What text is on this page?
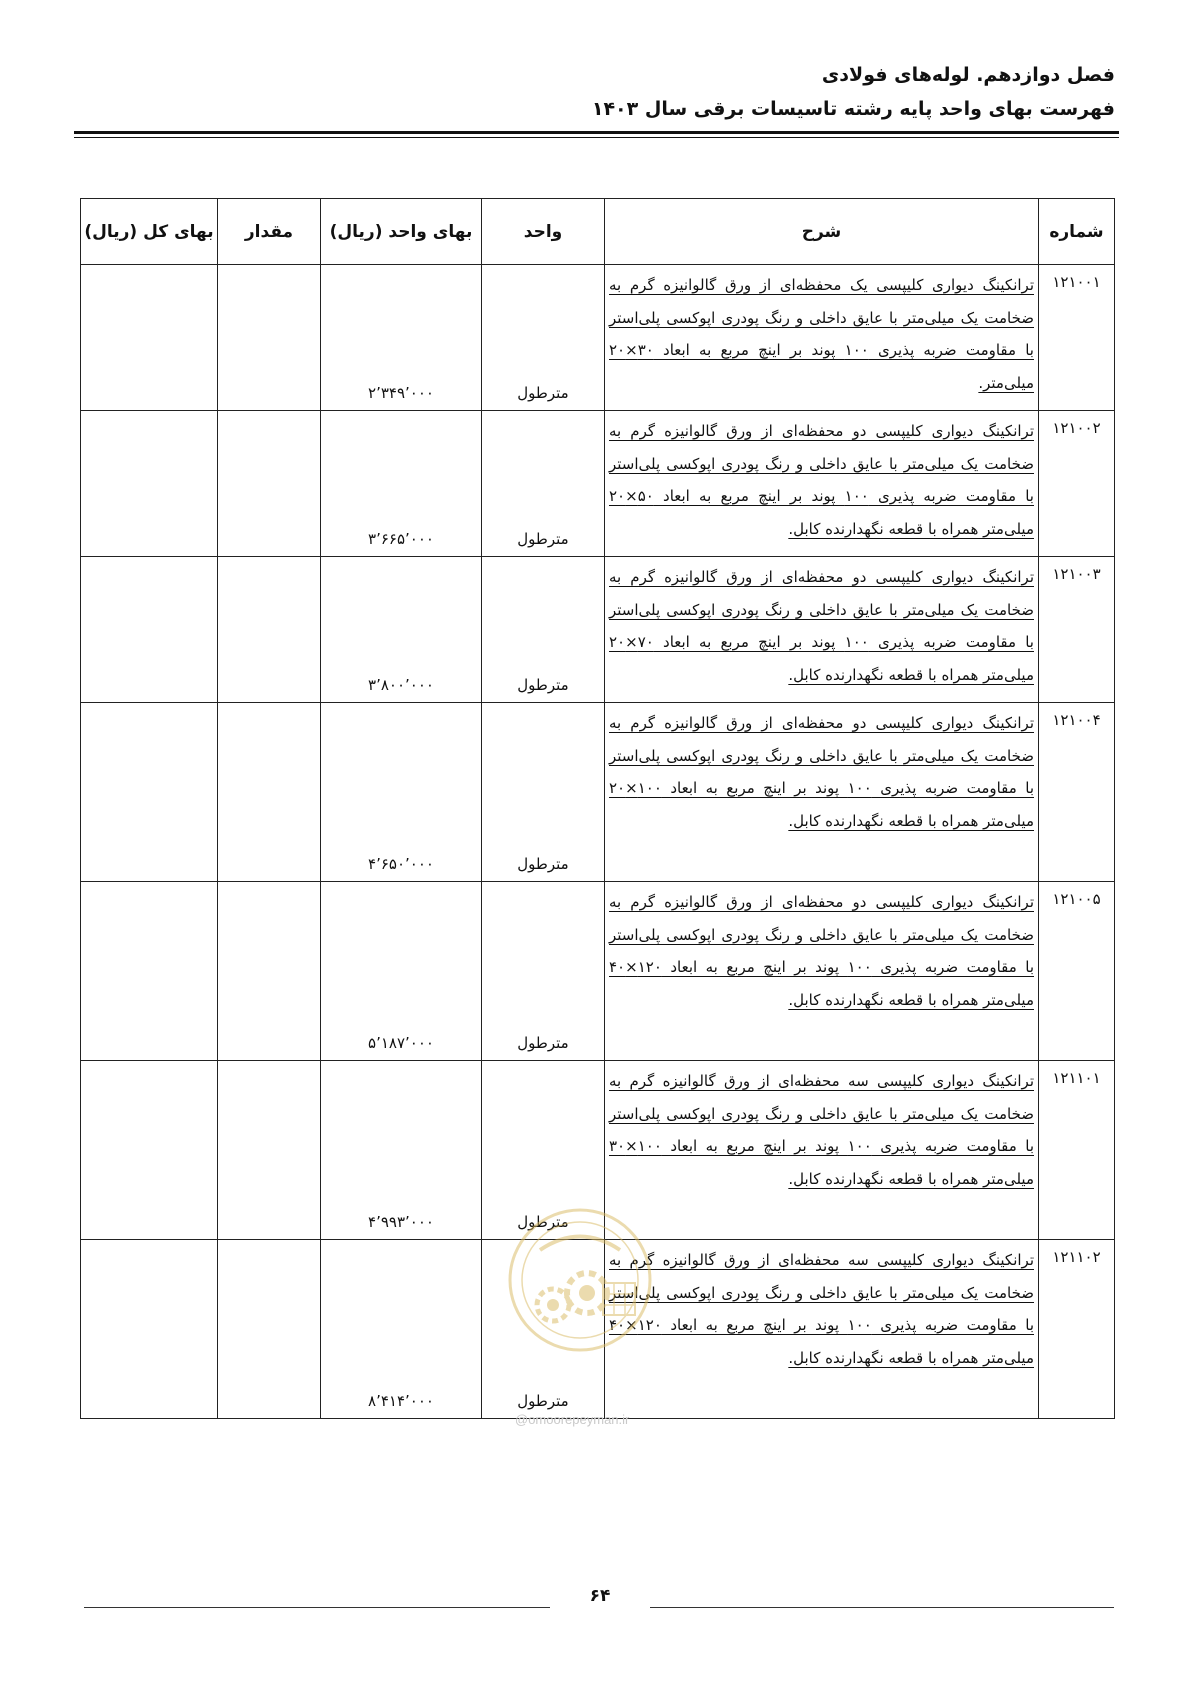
فصل دوازدهم. لوله‌های فولادی
فهرست بهای واحد پایه رشته تاسیسات برقی سال ۱۴۰۳
شماره	شرح	واحد	بهای واحد (ریال)	مقدار	بهای کل (ریال)
۱۲۱۰۰۱	ترانکینگ دیواری کلیپسی یک محفظه‌ای از ورق گالوانیزه گرم به ضخامت یک میلی‌متر با عایق داخلی و رنگ پودری اپوکسی پلی‌استر با مقاومت ضربه پذیری ۱۰۰ پوند بر اینچ مربع به ابعاد ۳۰×۲۰ میلی‌متر.	مترطول	۲٬۳۴۹٬۰۰۰		
۱۲۱۰۰۲	ترانکینگ دیواری کلیپسی دو محفظه‌ای از ورق گالوانیزه گرم به ضخامت یک میلی‌متر با عایق داخلی و رنگ پودری اپوکسی پلی‌استر با مقاومت ضربه پذیری ۱۰۰ پوند بر اینچ مربع به ابعاد ۵۰×۲۰ میلی‌متر همراه با قطعه نگهدارنده کابل.	مترطول	۳٬۶۶۵٬۰۰۰		
۱۲۱۰۰۳	ترانکینگ دیواری کلیپسی دو محفظه‌ای از ورق گالوانیزه گرم به ضخامت یک میلی‌متر با عایق داخلی و رنگ پودری اپوکسی پلی‌استر با مقاومت ضربه پذیری ۱۰۰ پوند بر اینچ مربع به ابعاد ۷۰×۲۰ میلی‌متر همراه با قطعه نگهدارنده کابل.	مترطول	۳٬۸۰۰٬۰۰۰		
۱۲۱۰۰۴	ترانکینگ دیواری کلیپسی دو محفظه‌ای از ورق گالوانیزه گرم به ضخامت یک میلی‌متر با عایق داخلی و رنگ پودری اپوکسی پلی‌استر با مقاومت ضربه پذیری ۱۰۰ پوند بر اینچ مربع به ابعاد ۱۰۰×۲۰ میلی‌متر همراه با قطعه نگهدارنده کابل.	مترطول	۴٬۶۵۰٬۰۰۰		
۱۲۱۰۰۵	ترانکینگ دیواری کلیپسی دو محفظه‌ای از ورق گالوانیزه گرم به ضخامت یک میلی‌متر با عایق داخلی و رنگ پودری اپوکسی پلی‌استر با مقاومت ضربه پذیری ۱۰۰ پوند بر اینچ مربع به ابعاد ۱۲۰×۴۰ میلی‌متر همراه با قطعه نگهدارنده کابل.	مترطول	۵٬۱۸۷٬۰۰۰		
۱۲۱۱۰۱	ترانکینگ دیواری کلیپسی سه محفظه‌ای از ورق گالوانیزه گرم به ضخامت یک میلی‌متر با عایق داخلی و رنگ پودری اپوکسی پلی‌استر با مقاومت ضربه پذیری ۱۰۰ پوند بر اینچ مربع به ابعاد ۱۰۰×۳۰ میلی‌متر همراه با قطعه نگهدارنده کابل.	مترطول	۴٬۹۹۳٬۰۰۰		
۱۲۱۱۰۲	ترانکینگ دیواری کلیپسی سه محفظه‌ای از ورق گالوانیزه گرم به ضخامت یک میلی‌متر با عایق داخلی و رنگ پودری اپوکسی پلی‌استر با مقاومت ضربه پذیری ۱۰۰ پوند بر اینچ مربع به ابعاد ۱۲۰×۴۰ میلی‌متر همراه با قطعه نگهدارنده کابل.	مترطول	۸٬۴۱۴٬۰۰۰		
@omoorepeyman.ir
۶۴
